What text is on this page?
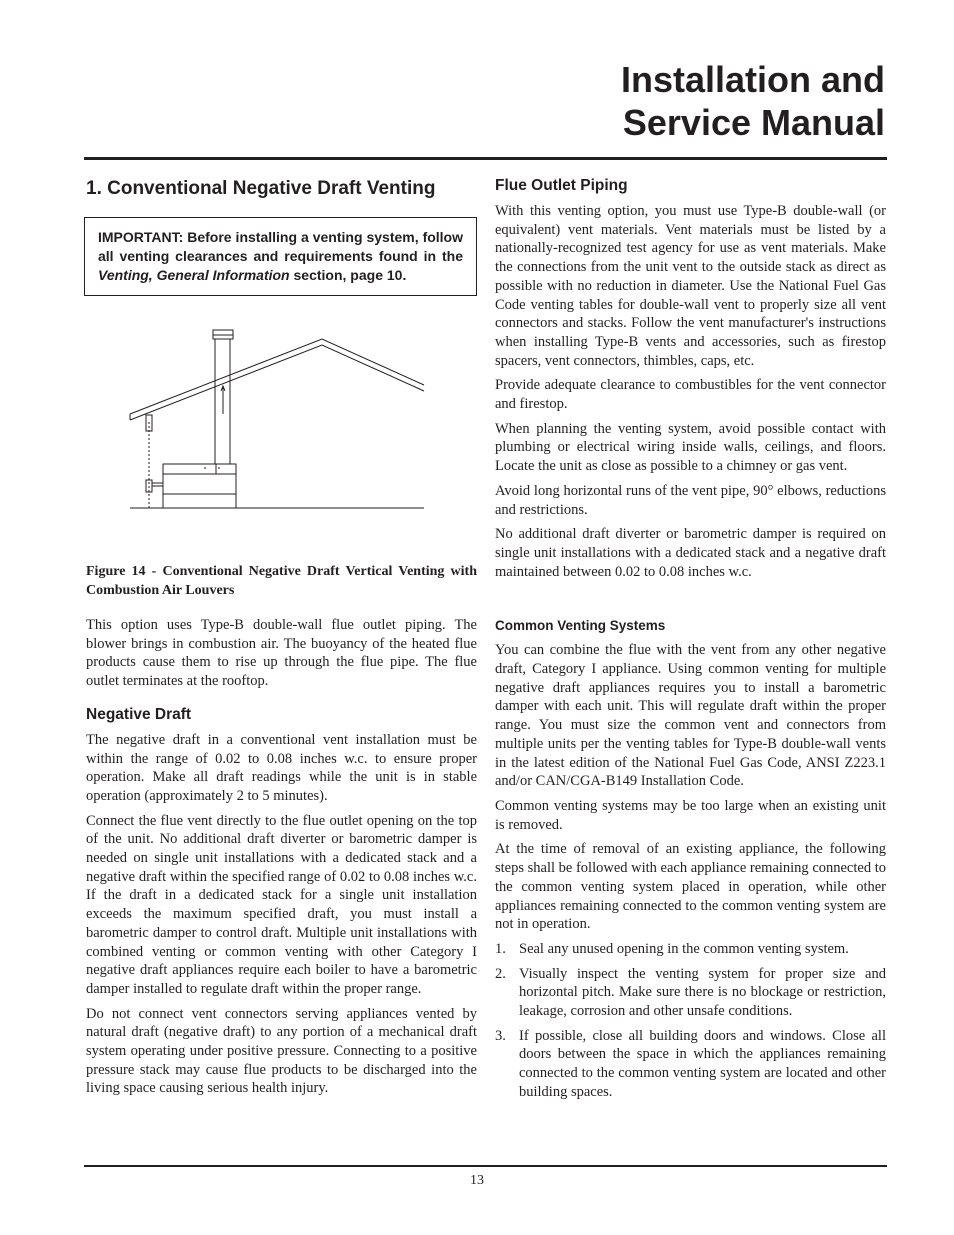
Installation and
Service Manual
1. Conventional Negative Draft Venting
IMPORTANT: Before installing a venting system, follow all venting clearances and requirements found in the Venting, General Information section, page 10.
Figure 14 - Conventional Negative Draft Vertical Venting with Combustion Air Louvers

This option uses Type-B double-wall flue outlet piping. The blower brings in combustion air. The buoyancy of the heated flue products cause them to rise up through the flue pipe. The flue outlet terminates at the rooftop.

Negative Draft

The negative draft in a conventional vent installation must be within the range of 0.02 to 0.08 inches w.c. to ensure proper operation. Make all draft readings while the unit is in stable operation (approximately 2 to 5 minutes).

Connect the flue vent directly to the flue outlet opening on the top of the unit. No additional draft diverter or barometric damper is needed on single unit installations with a dedicated stack and a negative draft within the specified range of 0.02 to 0.08 inches w.c. If the draft in a dedicated stack for a single unit installation exceeds the maximum specified draft, you must install a barometric damper to control draft. Multiple unit installations with combined venting or common venting with other Category I negative draft appliances require each boiler to have a barometric damper installed to regulate draft within the proper range.

Do not connect vent connectors serving appliances vented by natural draft (negative draft) to any portion of a mechanical draft system operating under positive pressure. Connecting to a positive pressure stack may cause flue products to be discharged into the living space causing serious health injury.

Flue Outlet Piping

With this venting option, you must use Type-B double-wall (or equivalent) vent materials. Vent materials must be listed by a nationally-recognized test agency for use as vent materials. Make the connections from the unit vent to the outside stack as direct as possible with no reduction in diameter. Use the National Fuel Gas Code venting tables for double-wall vent to properly size all vent connectors and stacks. Follow the vent manufacturer's instructions when installing Type-B vents and accessories, such as firestop spacers, vent connectors, thimbles, caps, etc.

Provide adequate clearance to combustibles for the vent connector and firestop.

When planning the venting system, avoid possible contact with plumbing or electrical wiring inside walls, ceilings, and floors. Locate the unit as close as possible to a chimney or gas vent.

Avoid long horizontal runs of the vent pipe, 90° elbows, reductions and restrictions.

No additional draft diverter or barometric damper is required on single unit installations with a dedicated stack and a negative draft maintained between 0.02 to 0.08 inches w.c.

Common Venting Systems

You can combine the flue with the vent from any other negative draft, Category I appliance. Using common venting for multiple negative draft appliances requires you to install a barometric damper with each unit. This will regulate draft within the proper range. You must size the common vent and connectors from multiple units per the venting tables for Type-B double-wall vents in the latest edition of the National Fuel Gas Code, ANSI Z223.1 and/or CAN/CGA-B149 Installation Code.

Common venting systems may be too large when an existing unit is removed.

At the time of removal of an existing appliance, the following steps shall be followed with each appliance remaining connected to the common venting system placed in operation, while other appliances remaining connected to the common venting system are not in operation.

1. Seal any unused opening in the common venting system.
2. Visually inspect the venting system for proper size and horizontal pitch. Make sure there is no blockage or restriction, leakage, corrosion and other unsafe conditions.
3. If possible, close all building doors and windows. Close all doors between the space in which the appliances remaining connected to the common venting system are located and other building spaces.
13
